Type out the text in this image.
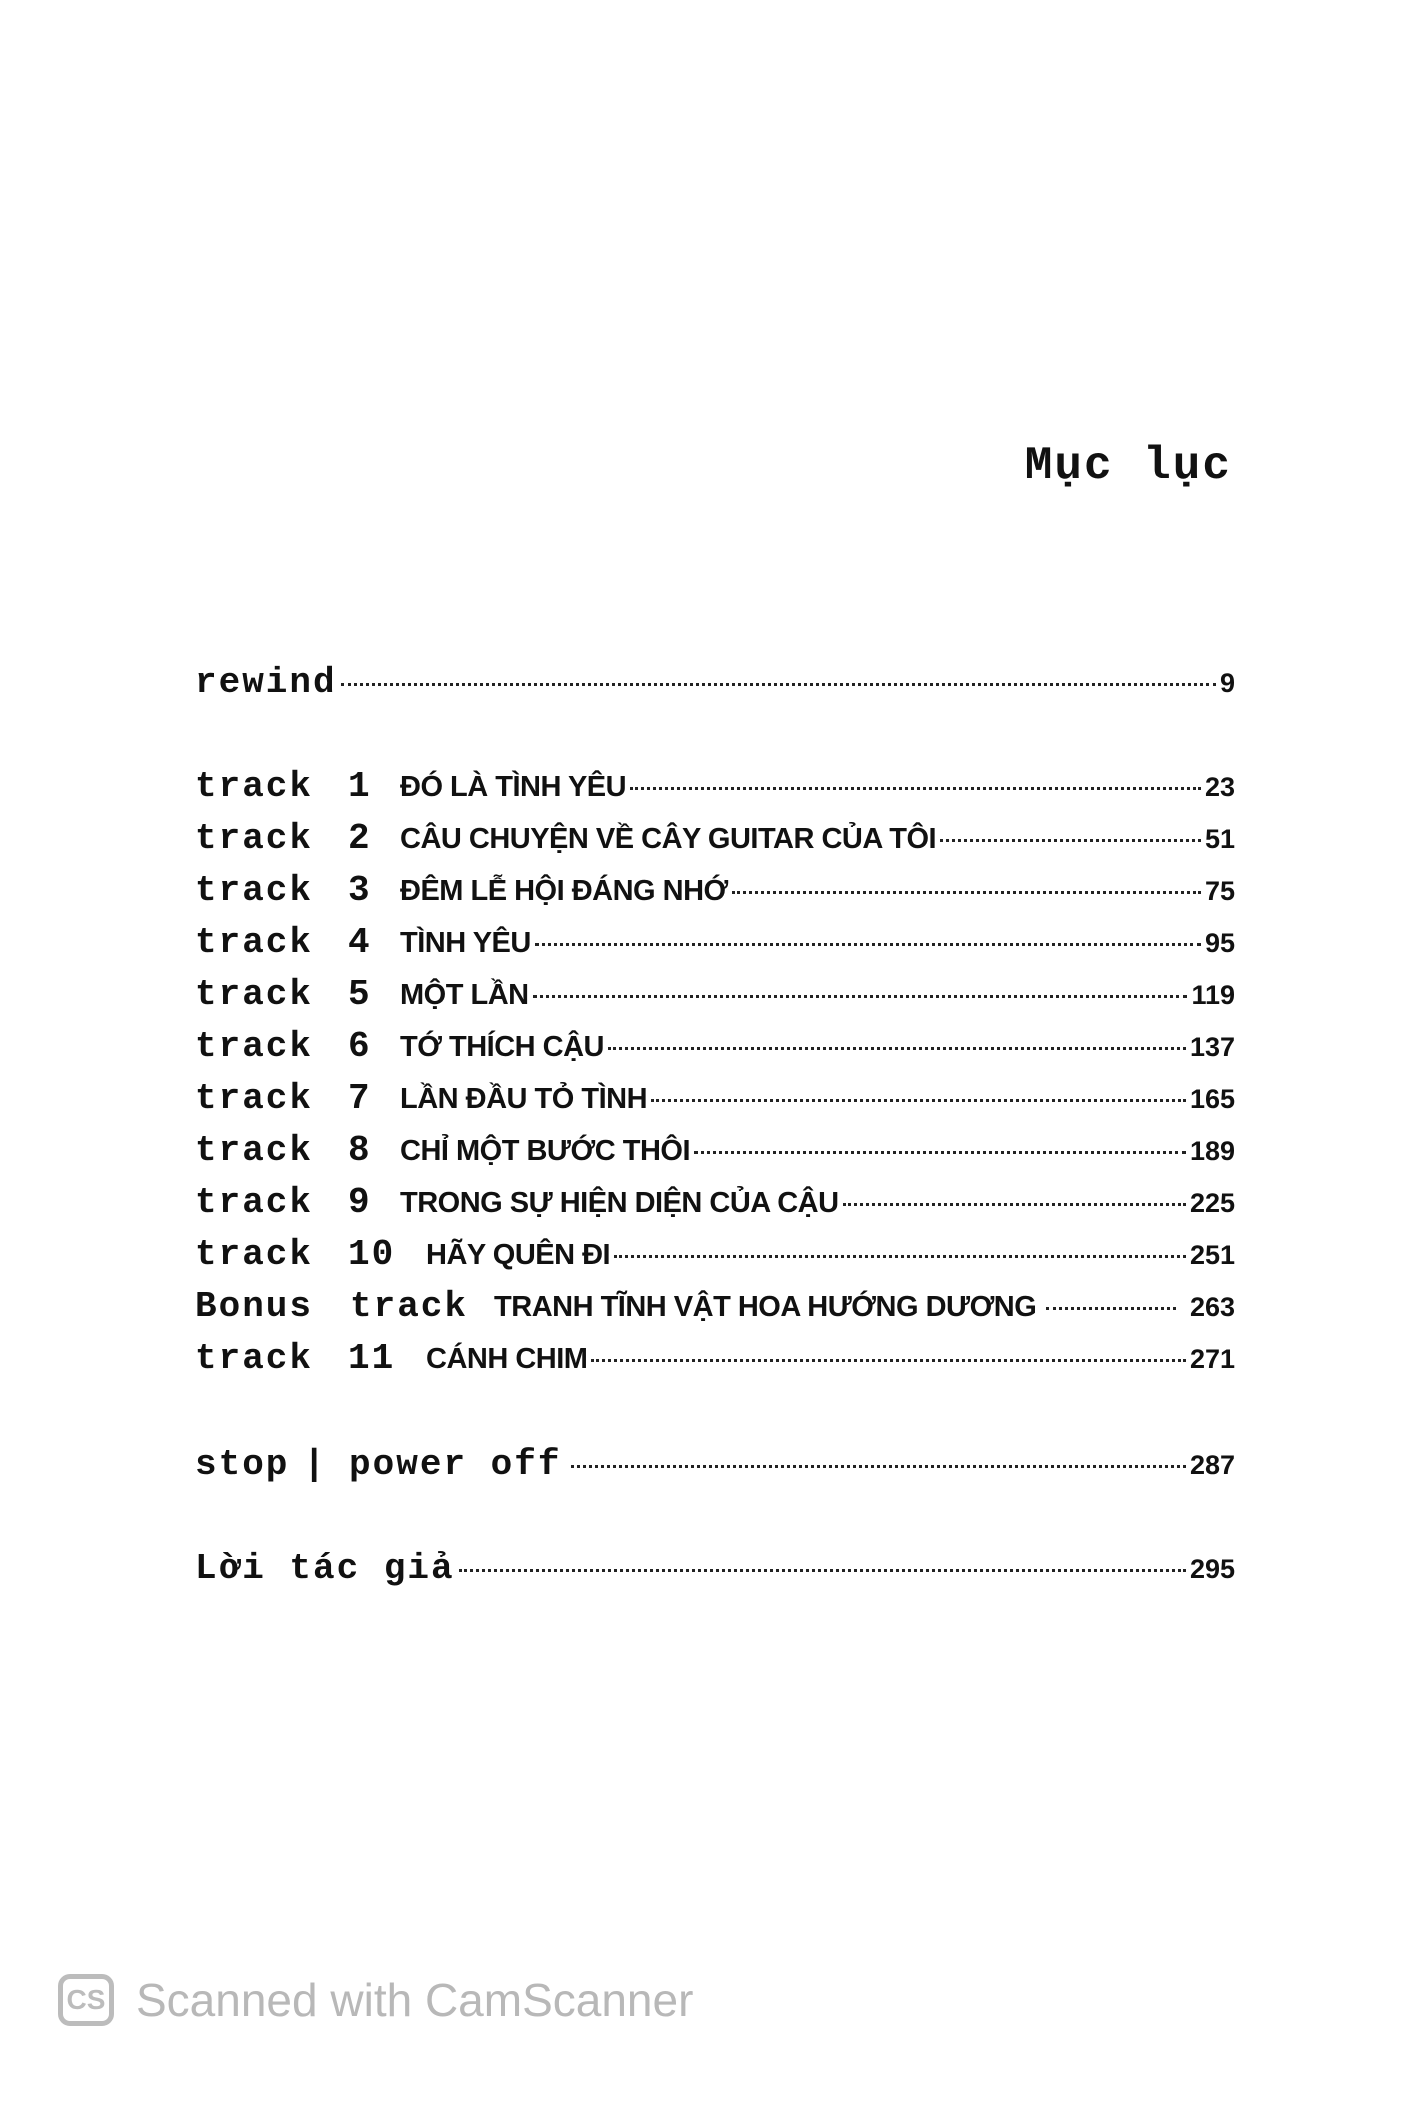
Mục lục
rewind	9
track 1 ĐÓ LÀ TÌNH YÊU	23
track 2 CÂU CHUYỆN VỀ CÂY GUITAR CỦA TÔI	51
track 3 ĐÊM LỄ HỘI ĐÁNG NHỚ	75
track 4 TÌNH YÊU	95
track 5 MỘT LẦN	119
track 6 TỚ THÍCH CẬU	137
track 7 LẦN ĐẦU TỎ TÌNH	165
track 8 CHỈ MỘT BƯỚC THÔI	189
track 9 TRONG SỰ HIỆN DIỆN CỦA CẬU	225
track 10	HÃY QUÊN ĐI	251
Bonus	track TRANH TĨNH VẬT HOA HƯỚNG DƯƠNG	263
track 11	CÁNH CHIM	271
stop | power off	287
Lời tác giả	295
CS Scanned with CamScanner
